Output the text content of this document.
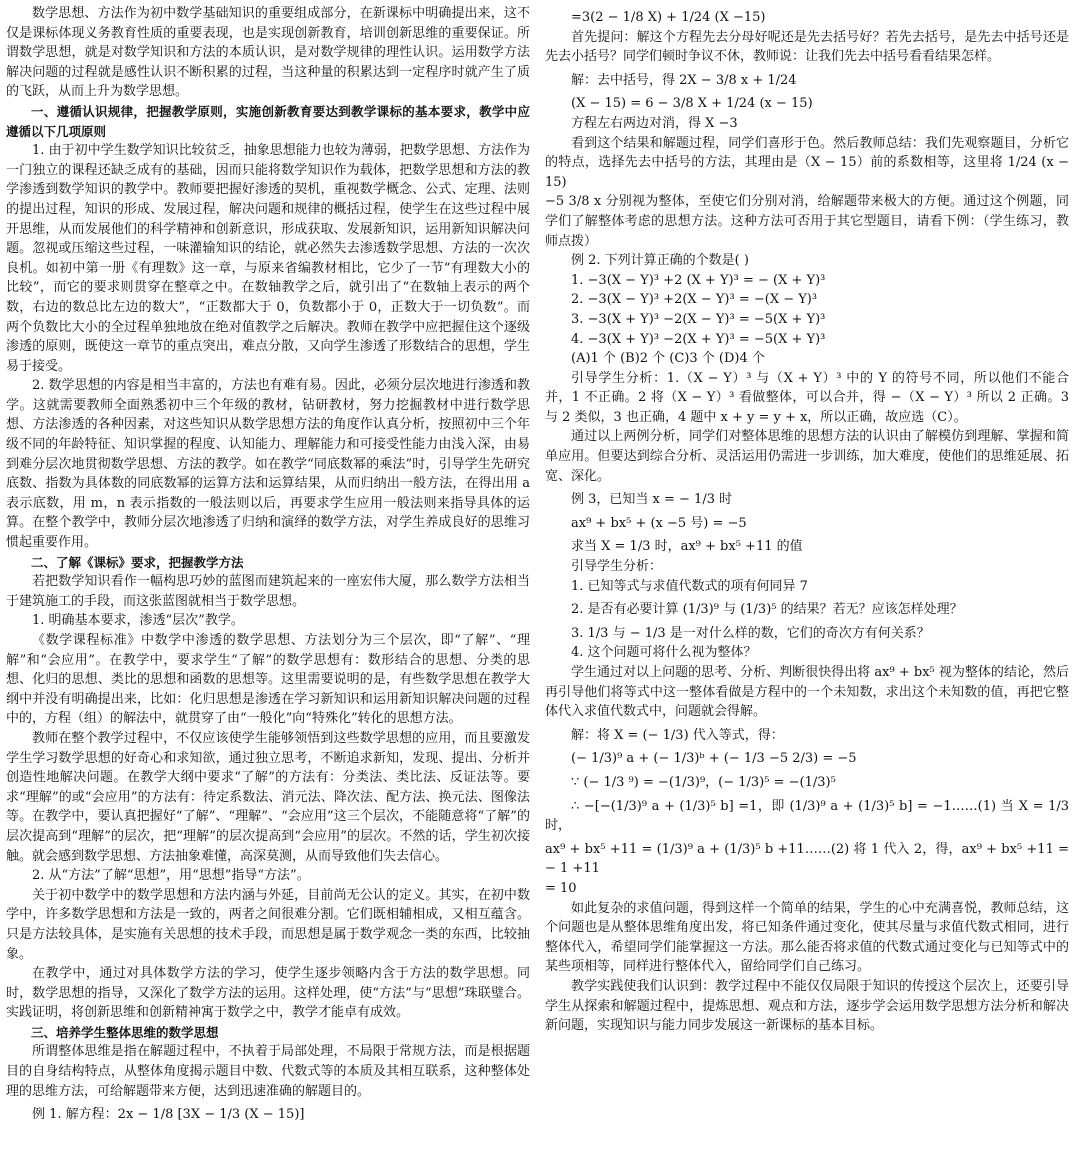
数学思想、方法作为初中数学基础知识的重要组成部分，在新课标中明确提出来，这不仅是课标体现义务教育性质的重要表现，也是实现创新教育，培训创新思维的重要保证。所谓数学思想，就是对数学知识和方法的本质认识，是对数学规律的理性认识。运用数学方法解决问题的过程就是感性认识不断积累的过程，当这种量的积累达到一定程序时就产生了质的飞跃，从而上升为数学思想。

一、遵循认识规律，把握教学原则，实施创新教育要达到教学课标的基本要求，教学中应遵循以下几项原则

1. 由于初中学生数学知识比较贫乏，抽象思想能力也较为薄弱，把数学思想、方法作为一门独立的课程还缺乏成有的基础，因而只能将数学知识作为载体，把数学思想和方法的教学渗透到数学知识的教学中。教师要把握好渗透的契机，重视数学概念、公式、定理、法则的提出过程，知识的形成、发展过程，解决问题和规律的概括过程，使学生在这些过程中展开思维，从而发展他们的科学精神和创新意识，形成获取、发展新知识，运用新知识解决问题。忽视或压缩这些过程，一味灌输知识的结论，就必然失去渗透数学思想、方法的一次次良机。如初中第一册《有理数》这一章，与原来省编教材相比，它少了一节“有理数大小的比较”，而它的要求则贯穿在整章之中。在数轴教学之后，就引出了“在数轴上表示的两个数，右边的数总比左边的数大”，“正数都大于 0，负数都小于 0，正数大于一切负数”。而两个负数比大小的全过程单独地放在绝对值教学之后解决。教师在教学中应把握住这个逐级渗透的原则，既使这一章节的重点突出，难点分散，又向学生渗透了形数结合的思想，学生易于接受。

2. 数学思想的内容是相当丰富的，方法也有难有易。因此，必须分层次地进行渗透和教学。这就需要教师全面熟悉初中三个年级的教材，钻研教材，努力挖掘教材中进行数学思想、方法渗透的各种因素，对这些知识从数学思想方法的角度作认真分析，按照初中三个年级不同的年龄特征、知识掌握的程度、认知能力、理解能力和可接受性能力由浅入深，由易到难分层次地贯彻数学思想、方法的教学。如在教学“同底数幂的乘法”时，引导学生先研究底数、指数为具体数的同底数幂的运算方法和运算结果，从而归纳出一般方法，在得出用 a 表示底数，用 m，n 表示指数的一般法则以后，再要求学生应用一般法则来指导具体的运算。在整个教学中，教师分层次地渗透了归纳和演绎的数学方法，对学生养成良好的思维习惯起重要作用。

二、了解《课标》要求，把握教学方法

若把数学知识看作一幅构思巧妙的蓝图而建筑起来的一座宏伟大厦，那么数学方法相当于建筑施工的手段，而这张蓝图就相当于数学思想。

1. 明确基本要求，渗透“层次”教学。

《数学课程标准》中数学中渗透的数学思想、方法划分为三个层次，即“了解”、“理解”和“会应用”。在教学中，要求学生“了解”的数学思想有：数形结合的思想、分类的思想、化归的思想、类比的思想和函数的思想等。这里需要说明的是，有些数学思想在教学大纲中并没有明确提出来，比如：化归思想是渗透在学习新知识和运用新知识解决问题的过程中的，方程（组）的解法中，就贯穿了由“一般化”向“特殊化”转化的思想方法。

教师在整个教学过程中，不仅应该使学生能够领悟到这些数学思想的应用，而且要激发学生学习数学思想的好奇心和求知欲，通过独立思考，不断追求新知，发现、提出、分析并创造性地解决问题。在教学大纲中要求“了解”的方法有：分类法、类比法、反证法等。要求“理解”的或“会应用”的方法有：待定系数法、消元法、降次法、配方法、换元法、图像法等。在教学中，要认真把握好“了解”、“理解”、“会应用”这三个层次，不能随意将“了解”的层次提高到“理解”的层次，把“理解”的层次提高到“会应用”的层次。不然的话，学生初次接触。就会感到数学思想、方法抽象难懂，高深莫测，从而导致他们失去信心。

2. 从“方法”了解“思想”，用“思想”指导“方法”。

关于初中数学中的数学思想和方法内涵与外延，目前尚无公认的定义。其实，在初中数学中，许多数学思想和方法是一致的，两者之间很难分割。它们既相辅相成，又相互蕴含。只是方法较具体，是实施有关思想的技术手段，而思想是属于数学观念一类的东西，比较抽象。

在教学中，通过对具体数学方法的学习，使学生逐步领略内含于方法的数学思想。同时，数学思想的指导，又深化了数学方法的运用。这样处理，使“方法”与“思想”珠联璧合。实践证明，将创新思维和创新精神寓于数学之中，教学才能卓有成效。

三、培养学生整体思维的数学思想

所谓整体思维是指在解题过程中，不执着于局部处理，不局限于常规方法，而是根据题目的自身结构特点，从整体角度揭示题目中数、代数式等的本质及其相互联系，这种整体处理的思维方法，可给解题带来方便，达到迅速准确的解题目的。

例 1. 解方程：2x − 1/8 [3X − 1/3 (X − 15)]

=3(2 − 1/8 X) + 1/24 (X −15)

首先提问：解这个方程先去分母好呢还是先去括号好？若先去括号，是先去中括号还是先去小括号？同学们顿时争议不休，教师说：让我们先去中括号看看结果怎样。

解：去中括号，得 2X − 3/8 x + 1/24

(X − 15) = 6 − 3/8 X + 1/24 (x − 15)

方程左右两边对消，得 X −3

看到这个结果和解题过程，同学们喜形于色。然后教师总结：我们先观察题目，分析它的特点，选择先去中括号的方法，其理由是（X − 15）前的系数相等，这里将 1/24 (x − 15)

−5 3/8 x 分别视为整体，至使它们分别对消，给解题带来极大的方便。通过这个例题，同学们了解整体考虑的思想方法。这种方法可否用于其它型题目，请看下例：（学生练习，教师点拨）

例 2. 下列计算正确的个数是( )

1. −3(X − Y)³ +2 (X + Y)³ = − (X + Y)³

2. −3(X − Y)³ +2(X − Y)³ = −(X − Y)³

3. −3(X + Y)³ −2(X − Y)³ = −5(X + Y)³

4. −3(X + Y)³ −2(X + Y)³ = −5(X + Y)³

(A)1 个 (B)2 个 (C)3 个 (D)4 个

引导学生分析：1.（X − Y）³ 与（X + Y）³ 中的 Y 的符号不同，所以他们不能合并，1 不正确。2 将（X − Y）³ 看做整体，可以合并，得 −（X − Y）³ 所以 2 正确。3 与 2 类似，3 也正确，4 题中 x + y = y + x，所以正确，故应选（C）。

通过以上两例分析，同学们对整体思维的思想方法的认识由了解模仿到理解、掌握和简单应用。但要达到综合分析、灵活运用仍需进一步训练，加大难度，使他们的思维延展、拓宽、深化。

例 3，已知当 x = − 1/3 时

ax⁹ + bx⁵ + (x −5 号) = −5

求当 X = 1/3 时，ax⁹ + bx⁵ +11 的值

引导学生分析：

1. 已知等式与求值代数式的项有何同异 7

2. 是否有必要计算 (1/3)⁹ 与 (1/3)⁵ 的结果？若无？应该怎样处理？

3. 1/3 与 − 1/3 是一对什么样的数，它们的奇次方有何关系？

4. 这个问题可将什么视为整体？

学生通过对以上问题的思考、分析、判断很快得出将 ax⁹ + bx⁵ 视为整体的结论，然后再引导他们将等式中这一整体看做是方程中的一个未知数，求出这个未知数的值，再把它整体代入求值代数式中，问题就会得解。

解：将 X = (− 1/3) 代入等式，得：

(− 1/3)⁹ a + (− 1/3)ᵇ + (− 1/3 −5 2/3) = −5

∵ (− 1/3 ⁹) = −(1/3)⁹，(− 1/3)⁵ = −(1/3)⁵

∴ −[−(1/3)⁹ a + (1/3)⁵ b] =1，即 (1/3)⁹ a + (1/3)⁵ b] = −1……(1) 当 X = 1/3 时，

ax⁹ + bx⁵ +11 = (1/3)⁹ a + (1/3)⁵ b +11……(2) 将 1 代入 2，得，ax⁹ + bx⁵ +11 = − 1 +11

= 10

如此复杂的求值问题，得到这样一个简单的结果，学生的心中充满喜悦，教师总结，这个问题也是从整体思维角度出发，将已知条件通过变化，使其尽量与求值代数式相同，进行整体代入，希望同学们能掌握这一方法。那么能否将求值的代数式通过变化与已知等式中的某些项相等，同样进行整体代入，留给同学们自己练习。

教学实践使我们认识到：教学过程中不能仅仅局限于知识的传授这个层次上，还要引导学生从探索和解题过程中，提炼思想、观点和方法，逐步学会运用数学思想方法分析和解决新问题，实现知识与能力同步发展这一新课标的基本目标。
